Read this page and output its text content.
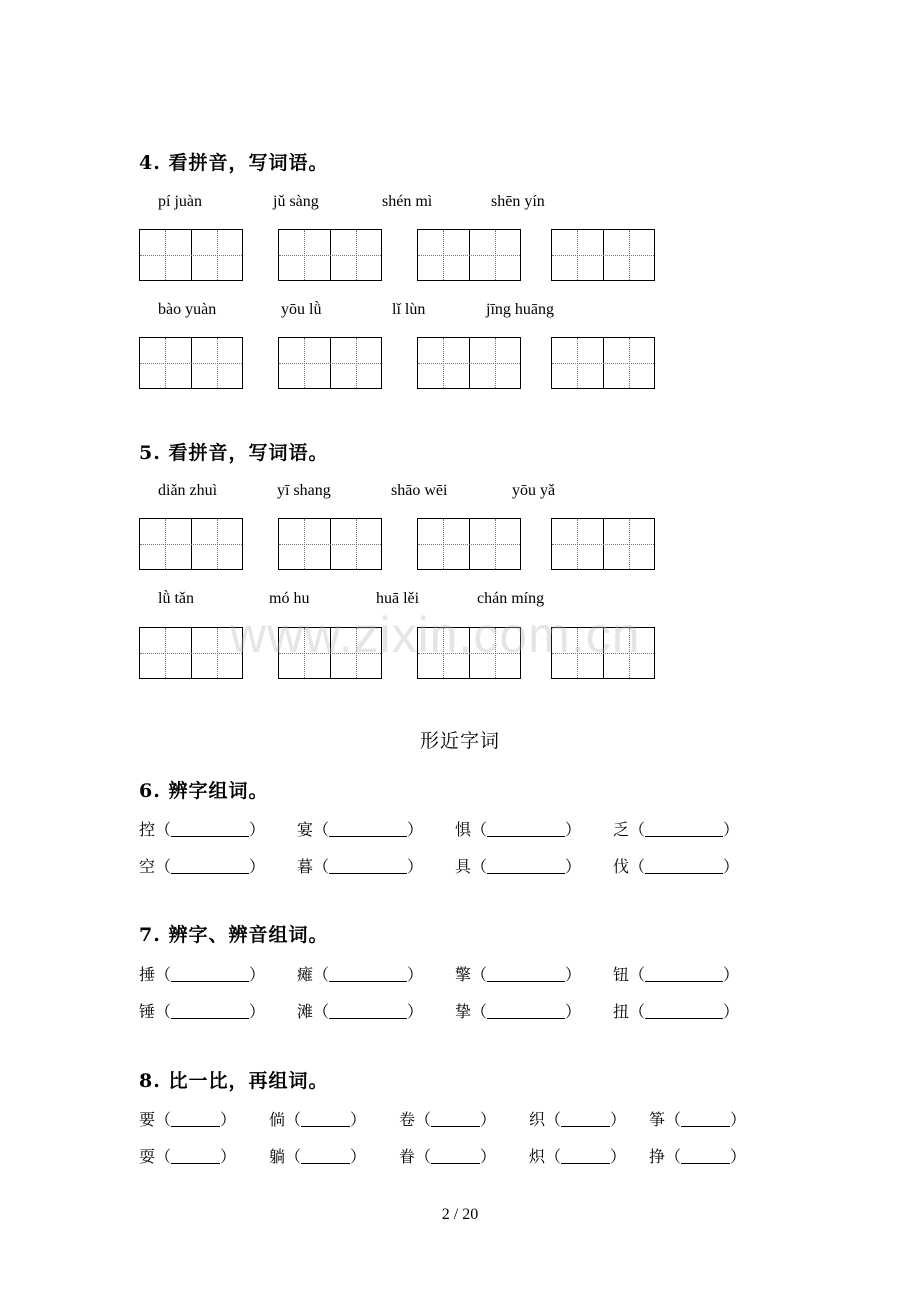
4. 看拼音，写词语。
5. 看拼音，写词语。
6. 辨字组词。
7. 辨字、辨音组词。
8. 比一比，再组词。
pí juàn	jǔ sàng	shén mì	shēn yín
bào yuàn	yōu lǜ	lǐ lùn	jīng huāng
diǎn zhuì	yī shang	shāo wēi	yōu yǎ
lǜ tǎn	mó hu	huā lěi	chán míng
www.zixin.com.cn
形近字词
控（	） 宴（	） 惧（	） 乏（	）
空（	） 暮（	） 具（	） 伐（	）
捶（	） 瘫（	） 擎（	） 钮（	）
锤（	） 滩（	） 挚（	） 扭（	）
要（	） 倘（	） 卷（	） 织（	） 筝（	）
耍（	） 躺（	） 眷（	） 炽（	） 挣（	）
2 / 20
